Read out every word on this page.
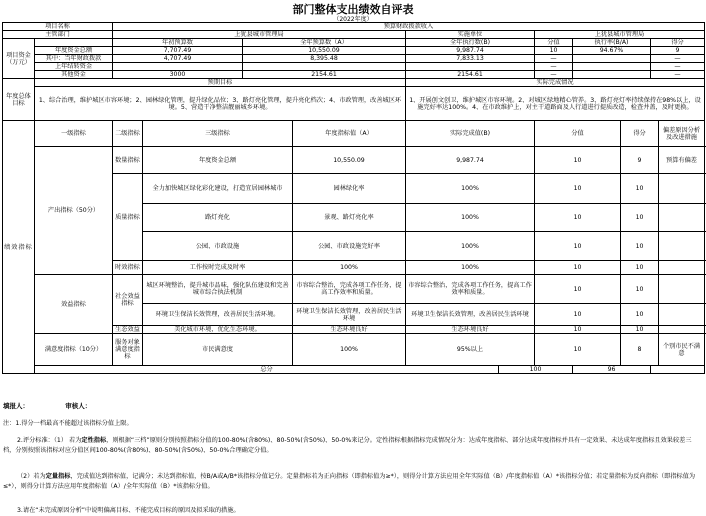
部门整体支出绩效自评表
（2022年度）
项目名称		预算财政拨款收入										
主管部门		上犹县城市管理局				实施单位		上犹县城市管理局				
项目资金（万元）		年初预算数		全年预算数（A）		全年执行数(B)		分值	执行率(B/A)		得分	
	年度资金总额	7,707.49		10,550.09		9,987.74		10	94.67%		9	
	其中：当年财政拨款	4,707.49		8,395.48		7,833.13		—			—	
	上年结转资金							—			—	
	其他资金	3000		2154.61		2154.61		—			—	
年度总体目标	预期目标					实际完成情况						
	1、综合治理，维护城区市容环境；2、园林绿化管理，提升绿化品位；3、路灯亮化管理，提升亮化档次；4、市政管理，改善城区环境。5、营造干净整洁靓丽城乡环境。					1、开展创文创卫，维护城区市容环境。2、对城区绿地精心管养。3、路灯亮灯率持续保持在98%以上，设施完好率达100%。4、在市政维护上，对主干道路面及人行道进行提质改造，检查井盖，及时更换。						
绩效指标	一级指标	二级指标	三级指标		年度指标值（A）	实际完成值(B)		分值		得分		偏差原因分析及改进措施
	产出指标（50分）	数量指标	年度资金总额		10,550.09	9,987.74		10		9		预算有偏差
		质量指标	全力加快城区绿化彩化建设，打造宜居园林城市		园林绿化率	100%		10		10		
			路灯亮化		景观、路灯亮化率	100%		10		10		
			公园、市政设施		公园、市政设施完好率	100%		10		10		
		时效指标	工作按时完成及时率		100%	100%		10		10		
	效益指标	社会效益指标	城区环境整治，提升城市品味，强化队伍建设和完善城市综合执法机制		市容综合整治，完成各项工作任务，提高工作效率和质量。	市容综合整治，完成各项工作任务，提高工作效率和质量。		10		10		
			环境卫生保洁长效管理，改善居民生活环境。		环境卫生保洁长效管理，改善居民生活环境	环境卫生保洁长效管理，改善居民生活环境		10		10		
		生态效益	美化城市环境，优化生态环境。		生态环境良好	生态环境良好		10		10		
	满意度指标（10分）	服务对象满意度指标	市民满意度		100%	95%以上		10		8		个别市民不满意
	总分						100		96			
填报人：	审核人：
注：1.得分一档最高不能超过该指标分值上限。
2.评分标准：（1） 若为定性指标，则根据“三档”原则分别按照指标分值的100-80%(含80%)、80-50%(含50%)、50-0%来记分。定性指标根据指标完成情况分为：达成年度指标、部分达成年度指标并具有一定效果、未达成年度指标且效果较差三档，分别按照该指标对应分值区间100-80%(含80%)、80-50%(含50%)、50-0%合理确定分值。
（2）若为定量指标，完成值达到指标值，记满分；未达到指标值，按B/A或A/B*该指标分值记分。定量指标若为正向指标（即指标值为≥*），则得分计算方法应用全年实际值（B）/年度指标值（A）*该指标分值；若定量指标为反向指标（即指标值为≤*），则得分计算方法应用年度指标值（A）/全年实际值（B）*该指标分值。
3.请在“未完成原因分析”中说明偏离目标、不能完成目标的原因及拟采取的措施。
